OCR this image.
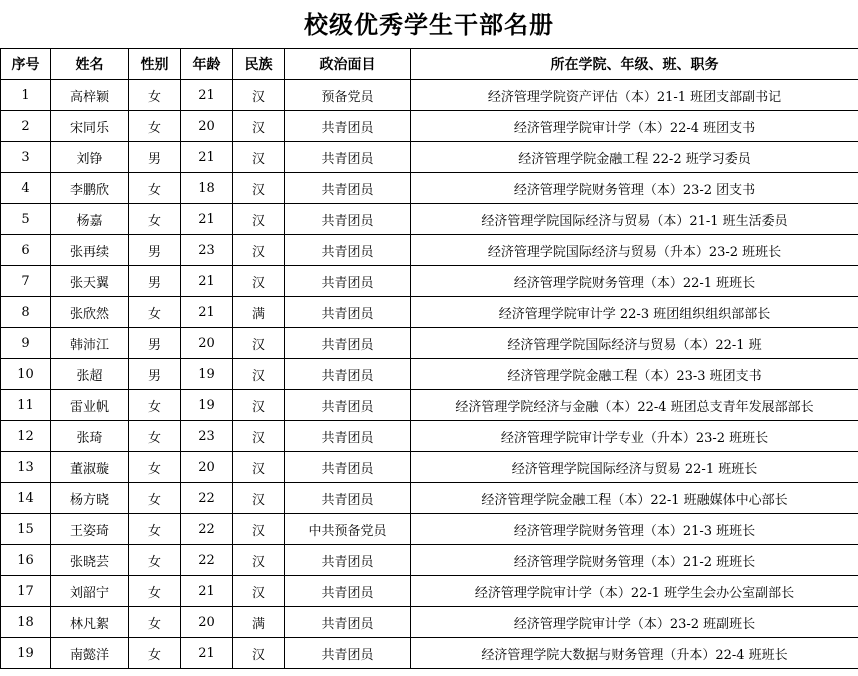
校级优秀学生干部名册
序号	姓名	性别	年龄	民族	政治面目	所在学院、年级、班、职务
1	高梓颖	女	21	汉	预备党员	经济管理学院资产评估（本）21-1 班团支部副书记
2	宋同乐	女	20	汉	共青团员	经济管理学院审计学（本）22-4 班团支书
3	刘铮	男	21	汉	共青团员	经济管理学院金融工程 22-2 班学习委员
4	李鹏欣	女	18	汉	共青团员	经济管理学院财务管理（本）23-2 团支书
5	杨嘉	女	21	汉	共青团员	经济管理学院国际经济与贸易（本）21-1 班生活委员
6	张再续	男	23	汉	共青团员	经济管理学院国际经济与贸易（升本）23-2 班班长
7	张天翼	男	21	汉	共青团员	经济管理学院财务管理（本）22-1 班班长
8	张欣然	女	21	满	共青团员	经济管理学院审计学 22-3 班团组织组织部部长
9	韩沛江	男	20	汉	共青团员	经济管理学院国际经济与贸易（本）22-1 班
10	张超	男	19	汉	共青团员	经济管理学院金融工程（本）23-3 班团支书
11	雷业帆	女	19	汉	共青团员	经济管理学院经济与金融（本）22-4 班团总支青年发展部部长
12	张琦	女	23	汉	共青团员	经济管理学院审计学专业（升本）23-2 班班长
13	董淑璇	女	20	汉	共青团员	经济管理学院国际经济与贸易 22-1 班班长
14	杨方晓	女	22	汉	共青团员	经济管理学院金融工程（本）22-1 班融媒体中心部长
15	王姿琦	女	22	汉	中共预备党员	经济管理学院财务管理（本）21-3 班班长
16	张晓芸	女	22	汉	共青团员	经济管理学院财务管理（本）21-2 班班长
17	刘韶宁	女	21	汉	共青团员	经济管理学院审计学（本）22-1 班学生会办公室副部长
18	林凡絮	女	20	满	共青团员	经济管理学院审计学（本）23-2 班副班长
19	南懿洋	女	21	汉	共青团员	经济管理学院大数据与财务管理（升本）22-4 班班长
